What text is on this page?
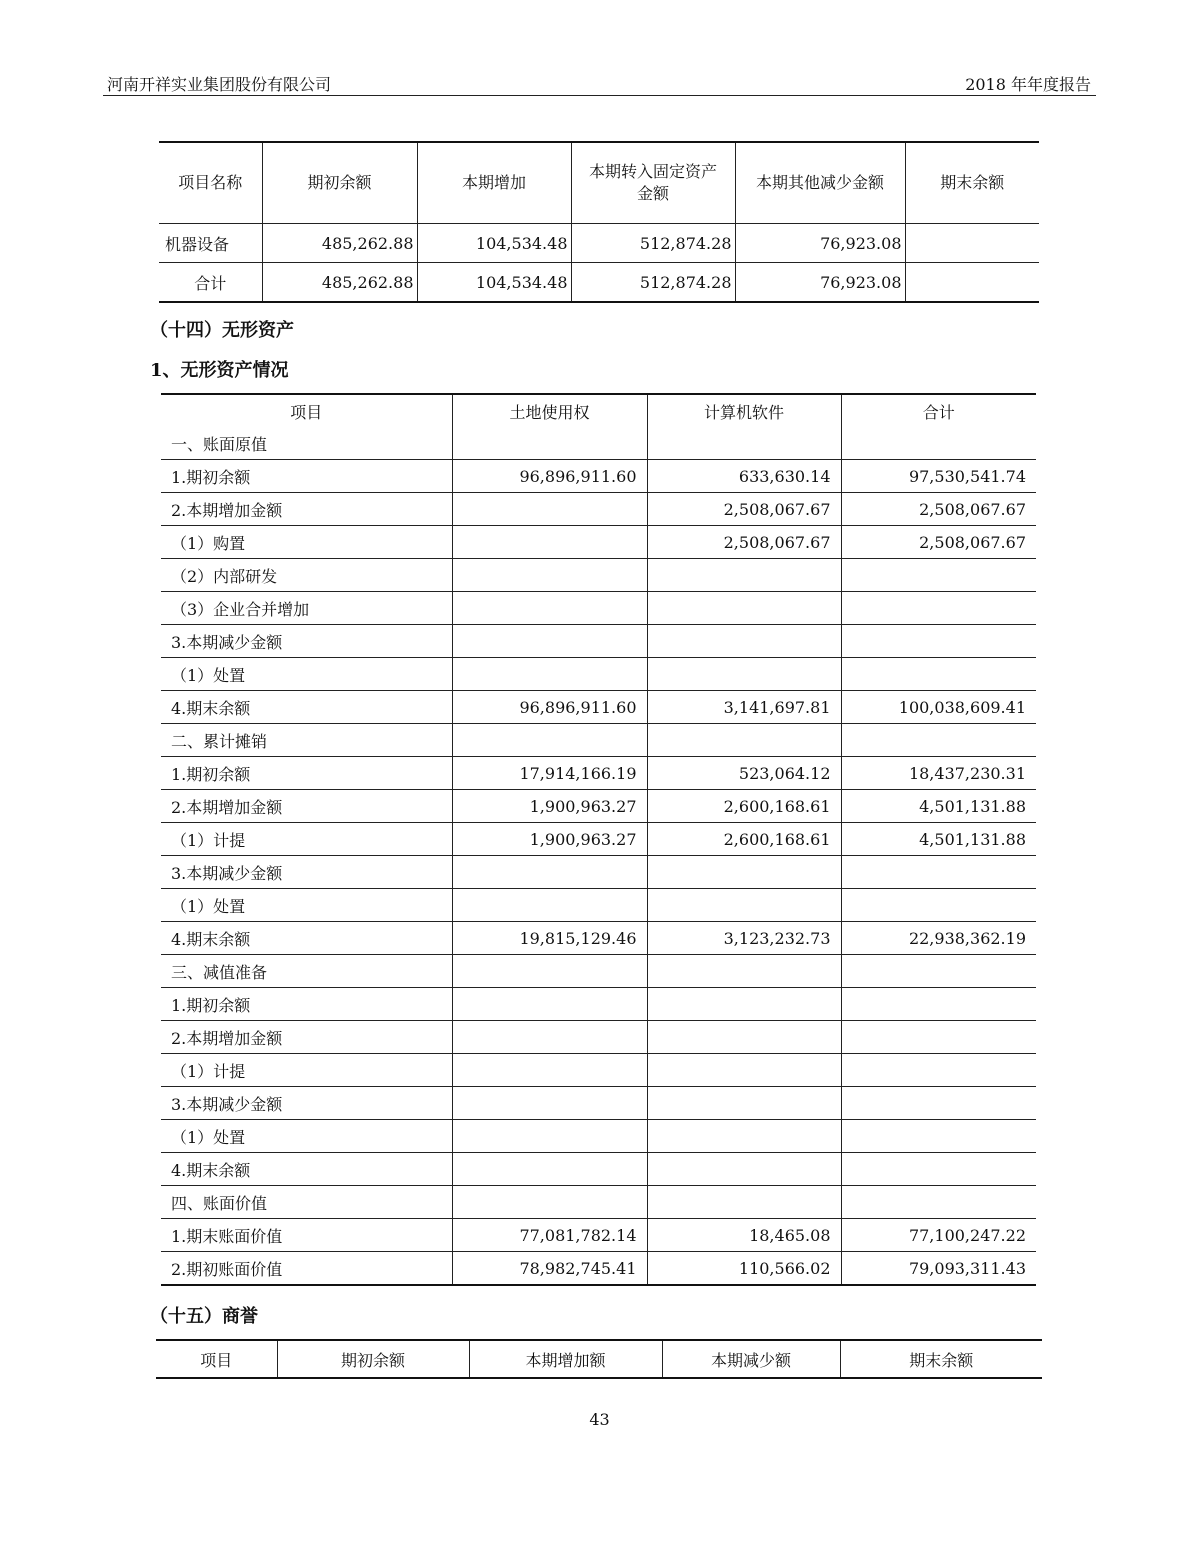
河南开祥实业集团股份有限公司	2018 年年度报告
项目名称	期初余额	本期增加	本期转入固定资产金额	本期其他减少金额	期末余额
机器设备	485,262.88	104,534.48	512,874.28	76,923.08	
合计	485,262.88	104,534.48	512,874.28	76,923.08	
（十四）无形资产
1、无形资产情况
项目	土地使用权	计算机软件	合计
一、账面原值			
1.期初余额	96,896,911.60	633,630.14	97,530,541.74
2.本期增加金额		2,508,067.67	2,508,067.67
（1）购置		2,508,067.67	2,508,067.67
（2）内部研发			
（3）企业合并增加			
3.本期减少金额			
（1）处置			
4.期末余额	96,896,911.60	3,141,697.81	100,038,609.41
二、累计摊销			
1.期初余额	17,914,166.19	523,064.12	18,437,230.31
2.本期增加金额	1,900,963.27	2,600,168.61	4,501,131.88
（1）计提	1,900,963.27	2,600,168.61	4,501,131.88
3.本期减少金额			
（1）处置			
4.期末余额	19,815,129.46	3,123,232.73	22,938,362.19
三、减值准备			
1.期初余额			
2.本期增加金额			
（1）计提			
3.本期减少金额			
（1）处置			
4.期末余额			
四、账面价值			
1.期末账面价值	77,081,782.14	18,465.08	77,100,247.22
2.期初账面价值	78,982,745.41	110,566.02	79,093,311.43
（十五）商誉
项目	期初余额	本期增加额	本期减少额	期末余额
43
